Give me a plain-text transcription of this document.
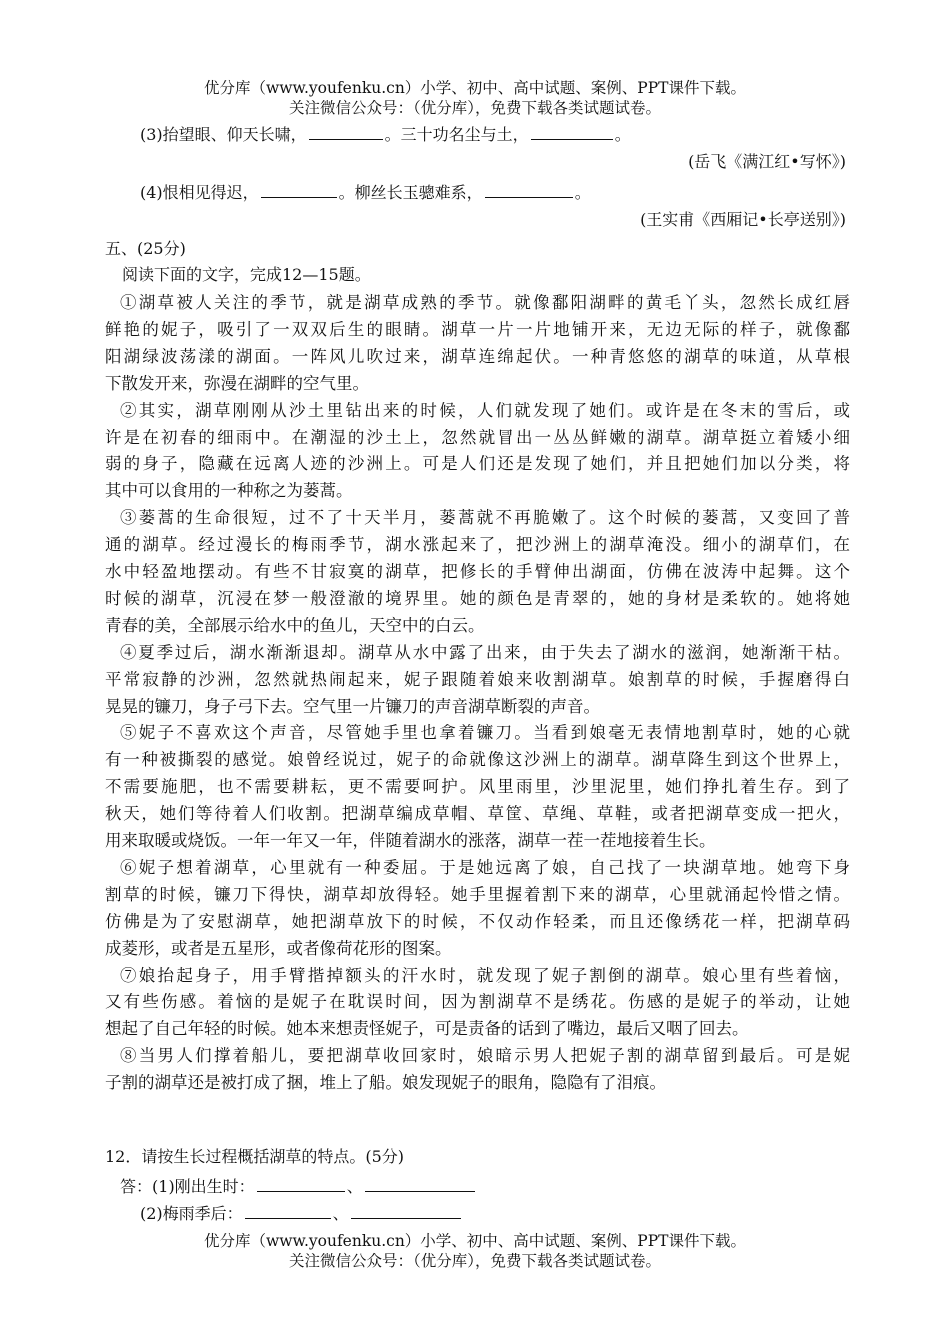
优分库（www.youfenku.cn）小学、初中、高中试题、案例、PPT课件下载。
关注微信公众号：（优分库），免费下载各类试题试卷。
(3)抬望眼、仰天长啸，	。三十功名尘与土，	。
(岳飞《满江红•写怀》)
(4)恨相见得迟，	。柳丝长玉骢难系，	。
(王实甫《西厢记•长亭送别》)
五、(25分)
阅读下面的文字，完成12—15题。
①湖草被人关注的季节，就是湖草成熟的季节。就像鄱阳湖畔的黄毛丫头，忽然长成红唇
鲜艳的妮子，吸引了一双双后生的眼睛。湖草一片一片地铺开来，无边无际的样子，就像鄱
阳湖绿波荡漾的湖面。一阵风儿吹过来，湖草连绵起伏。一种青悠悠的湖草的味道，从草根
下散发开来，弥漫在湖畔的空气里。
②其实，湖草刚刚从沙土里钻出来的时候，人们就发现了她们。或许是在冬末的雪后，或
许是在初春的细雨中。在潮湿的沙土上，忽然就冒出一丛丛鲜嫩的湖草。湖草挺立着矮小细
弱的身子，隐藏在远离人迹的沙洲上。可是人们还是发现了她们，并且把她们加以分类，将
其中可以食用的一种称之为蒌蒿。
③蒌蒿的生命很短，过不了十天半月，蒌蒿就不再脆嫩了。这个时候的蒌蒿，又变回了普
通的湖草。经过漫长的梅雨季节，湖水涨起来了，把沙洲上的湖草淹没。细小的湖草们，在
水中轻盈地摆动。有些不甘寂寞的湖草，把修长的手臂伸出湖面，仿佛在波涛中起舞。这个
时候的湖草，沉浸在梦一般澄澈的境界里。她的颜色是青翠的，她的身材是柔软的。她将她
青春的美，全部展示给水中的鱼儿，天空中的白云。
④夏季过后，湖水渐渐退却。湖草从水中露了出来，由于失去了湖水的滋润，她渐渐干枯。
平常寂静的沙洲，忽然就热闹起来，妮子跟随着娘来收割湖草。娘割草的时候，手握磨得白
晃晃的镰刀，身子弓下去。空气里一片镰刀的声音湖草断裂的声音。
⑤妮子不喜欢这个声音，尽管她手里也拿着镰刀。当看到娘毫无表情地割草时，她的心就
有一种被撕裂的感觉。娘曾经说过，妮子的命就像这沙洲上的湖草。湖草降生到这个世界上，
不需要施肥，也不需要耕耘，更不需要呵护。风里雨里，沙里泥里，她们挣扎着生存。到了
秋天，她们等待着人们收割。把湖草编成草帽、草筐、草绳、草鞋，或者把湖草变成一把火，
用来取暖或烧饭。一年一年又一年，伴随着湖水的涨落，湖草一茬一茬地接着生长。
⑥妮子想着湖草，心里就有一种委屈。于是她远离了娘，自己找了一块湖草地。她弯下身
割草的时候，镰刀下得快，湖草却放得轻。她手里握着割下来的湖草，心里就涌起怜惜之情。
仿佛是为了安慰湖草，她把湖草放下的时候，不仅动作轻柔，而且还像绣花一样，把湖草码
成菱形，或者是五星形，或者像荷花形的图案。
⑦娘抬起身子，用手臂揩掉额头的汗水时，就发现了妮子割倒的湖草。娘心里有些着恼，
又有些伤感。着恼的是妮子在耽误时间，因为割湖草不是绣花。伤感的是妮子的举动，让她
想起了自己年轻的时候。她本来想责怪妮子，可是责备的话到了嘴边，最后又咽了回去。
⑧当男人们撑着船儿，要把湖草收回家时，娘暗示男人把妮子割的湖草留到最后。可是妮
子割的湖草还是被打成了捆，堆上了船。娘发现妮子的眼角，隐隐有了泪痕。
12．请按生长过程概括湖草的特点。(5分)
答：(1)刚出生时：	、
(2)梅雨季后：	、
优分库（www.youfenku.cn）小学、初中、高中试题、案例、PPT课件下载。
关注微信公众号：（优分库），免费下载各类试题试卷。
